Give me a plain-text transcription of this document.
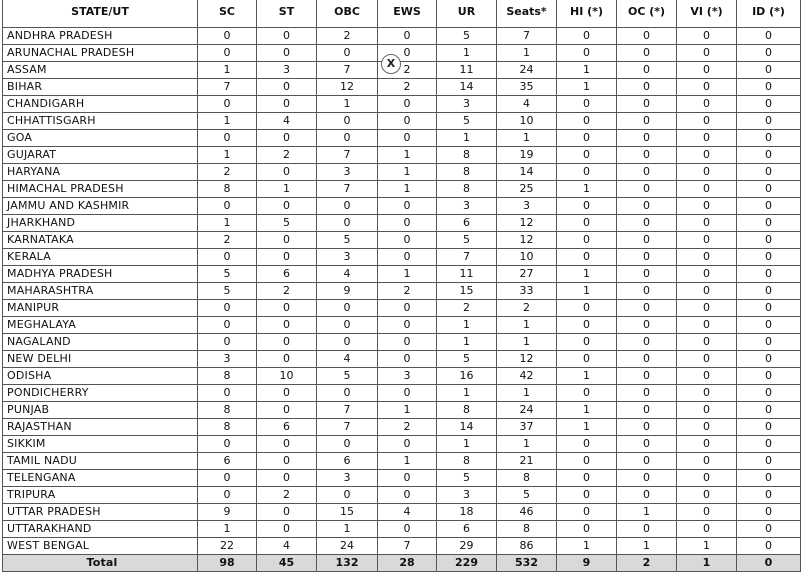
STATE/UT	SC	ST	OBC	EWS	UR	Seats*	HI (*)	OC (*)	VI (*)	ID (*)
ANDHRA PRADESH	0	0	2	0	5	7	0	0	0	0
ARUNACHAL PRADESH	0	0	0	0	1	1	0	0	0	0
ASSAM	1	3	7	2	11	24	1	0	0	0
BIHAR	7	0	12	2	14	35	1	0	0	0
CHANDIGARH	0	0	1	0	3	4	0	0	0	0
CHHATTISGARH	1	4	0	0	5	10	0	0	0	0
GOA	0	0	0	0	1	1	0	0	0	0
GUJARAT	1	2	7	1	8	19	0	0	0	0
HARYANA	2	0	3	1	8	14	0	0	0	0
HIMACHAL PRADESH	8	1	7	1	8	25	1	0	0	0
JAMMU AND KASHMIR	0	0	0	0	3	3	0	0	0	0
JHARKHAND	1	5	0	0	6	12	0	0	0	0
KARNATAKA	2	0	5	0	5	12	0	0	0	0
KERALA	0	0	3	0	7	10	0	0	0	0
MADHYA PRADESH	5	6	4	1	11	27	1	0	0	0
MAHARASHTRA	5	2	9	2	15	33	1	0	0	0
MANIPUR	0	0	0	0	2	2	0	0	0	0
MEGHALAYA	0	0	0	0	1	1	0	0	0	0
NAGALAND	0	0	0	0	1	1	0	0	0	0
NEW DELHI	3	0	4	0	5	12	0	0	0	0
ODISHA	8	10	5	3	16	42	1	0	0	0
PONDICHERRY	0	0	0	0	1	1	0	0	0	0
PUNJAB	8	0	7	1	8	24	1	0	0	0
RAJASTHAN	8	6	7	2	14	37	1	0	0	0
SIKKIM	0	0	0	0	1	1	0	0	0	0
TAMIL NADU	6	0	6	1	8	21	0	0	0	0
TELENGANA	0	0	3	0	5	8	0	0	0	0
TRIPURA	0	2	0	0	3	5	0	0	0	0
UTTAR PRADESH	9	0	15	4	18	46	0	1	0	0
UTTARAKHAND	1	0	1	0	6	8	0	0	0	0
WEST BENGAL	22	4	24	7	29	86	1	1	1	0
Total	98	45	132	28	229	532	9	2	1	0
X
